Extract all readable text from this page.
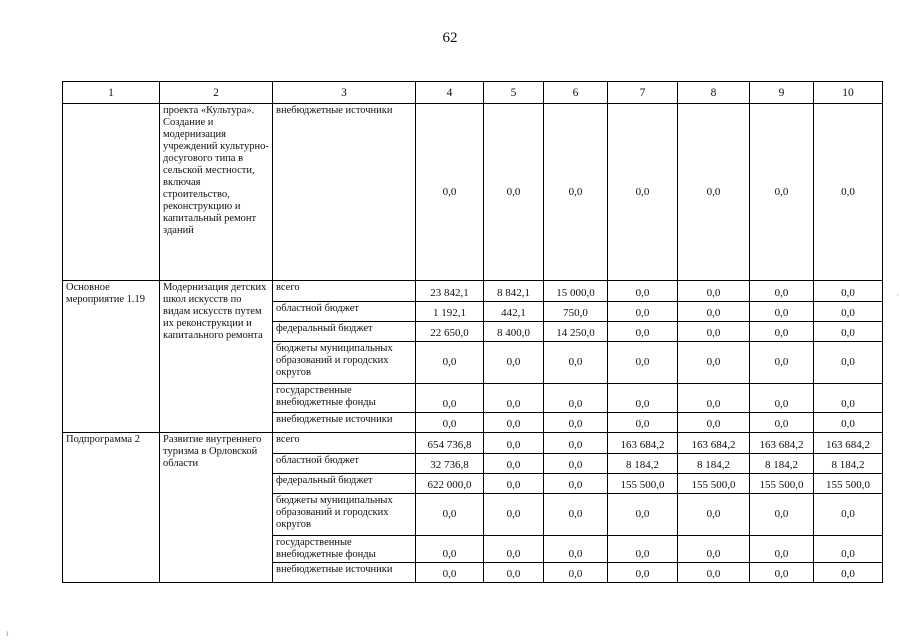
62
1	2	3	4	5	6	7	8	9	10
	проекта «Культура». Создание и модернизация учреждений культурно-досугового типа в сельской местности, включая строительство, реконструкцию и капитальный ремонт зданий	внебюджетные источники	0,0	0,0	0,0	0,0	0,0	0,0	0,0
Основное мероприятие 1.19	Модернизация детских школ искусств по видам искусств путем их реконструкции и капитального ремонта	всего	23 842,1	8 842,1	15 000,0	0,0	0,0	0,0	0,0
		областной бюджет	1 192,1	442,1	750,0	0,0	0,0	0,0	0,0
		федеральный бюджет	22 650,0	8 400,0	14 250,0	0,0	0,0	0,0	0,0
		бюджеты муниципальных образований и городских округов	0,0	0,0	0,0	0,0	0,0	0,0	0,0
		государственные внебюджетные фонды	0,0	0,0	0,0	0,0	0,0	0,0	0,0
		внебюджетные источники	0,0	0,0	0,0	0,0	0,0	0,0	0,0
Подпрограмма 2	Развитие внутреннего туризма в Орловской области	всего	654 736,8	0,0	0,0	163 684,2	163 684,2	163 684,2	163 684,2
		областной бюджет	32 736,8	0,0	0,0	8 184,2	8 184,2	8 184,2	8 184,2
		федеральный бюджет	622 000,0	0,0	0,0	155 500,0	155 500,0	155 500,0	155 500,0
		бюджеты муниципальных образований и городских округов	0,0	0,0	0,0	0,0	0,0	0,0	0,0
		государственные внебюджетные фонды	0,0	0,0	0,0	0,0	0,0	0,0	0,0
		внебюджетные источники	0,0	0,0	0,0	0,0	0,0	0,0	0,0
·
ı
